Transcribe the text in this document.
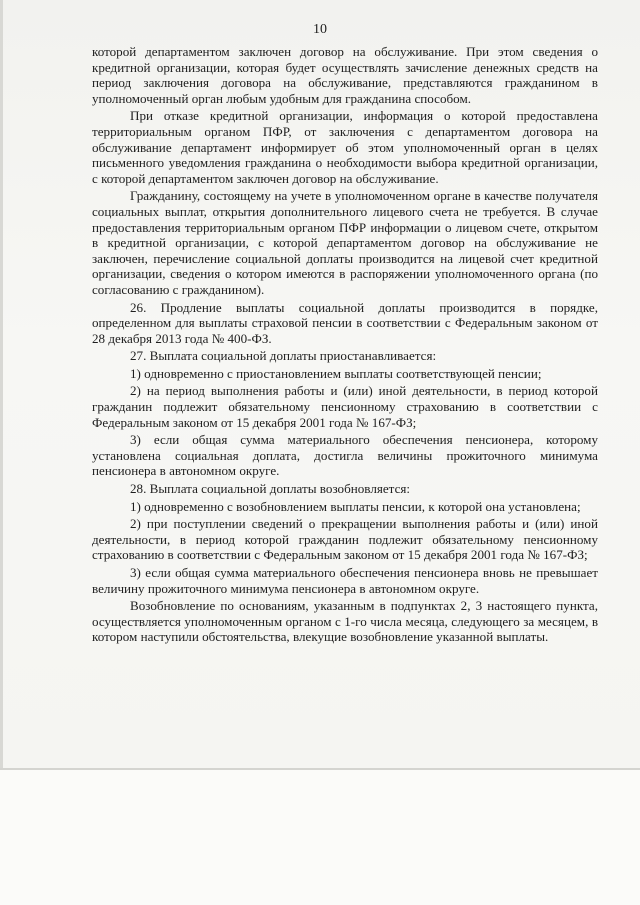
10

которой департаментом заключен договор на обслуживание. При этом сведения о кредитной организации, которая будет осуществлять зачисление денежных средств на период заключения договора на обслуживание, представляются гражданином в уполномоченный орган любым удобным для гражданина способом.

При отказе кредитной организации, информация о которой предоставлена территориальным органом ПФР, от заключения с департаментом договора на обслуживание департамент информирует об этом уполномоченный орган в целях письменного уведомления гражданина о необходимости выбора кредитной организации, с которой департаментом заключен договор на обслуживание.

Гражданину, состоящему на учете в уполномоченном органе в качестве получателя социальных выплат, открытия дополнительного лицевого счета не требуется. В случае предоставления территориальным органом ПФР информации о лицевом счете, открытом в кредитной организации, с которой департаментом договор на обслуживание не заключен, перечисление социальной доплаты производится на лицевой счет кредитной организации, сведения о котором имеются в распоряжении уполномоченного органа (по согласованию с гражданином).

26. Продление выплаты социальной доплаты производится в порядке, определенном для выплаты страховой пенсии в соответствии с Федеральным законом от 28 декабря 2013 года № 400-ФЗ.

27. Выплата социальной доплаты приостанавливается:

1) одновременно с приостановлением выплаты соответствующей пенсии;

2) на период выполнения работы и (или) иной деятельности, в период которой гражданин подлежит обязательному пенсионному страхованию в соответствии с Федеральным законом от 15 декабря 2001 года № 167-ФЗ;

3) если общая сумма материального обеспечения пенсионера, которому установлена социальная доплата, достигла величины прожиточного минимума пенсионера в автономном округе.

28. Выплата социальной доплаты возобновляется:

1) одновременно с возобновлением выплаты пенсии, к которой она установлена;

2) при поступлении сведений о прекращении выполнения работы и (или) иной деятельности, в период которой гражданин подлежит обязательному пенсионному страхованию в соответствии с Федеральным законом от 15 декабря 2001 года № 167-ФЗ;

3) если общая сумма материального обеспечения пенсионера вновь не превышает величину прожиточного минимума пенсионера в автономном округе.

Возобновление по основаниям, указанным в подпунктах 2, 3 настоящего пункта, осуществляется уполномоченным органом с 1-го числа месяца, следующего за месяцем, в котором наступили обстоятельства, влекущие возобновление указанной выплаты.
